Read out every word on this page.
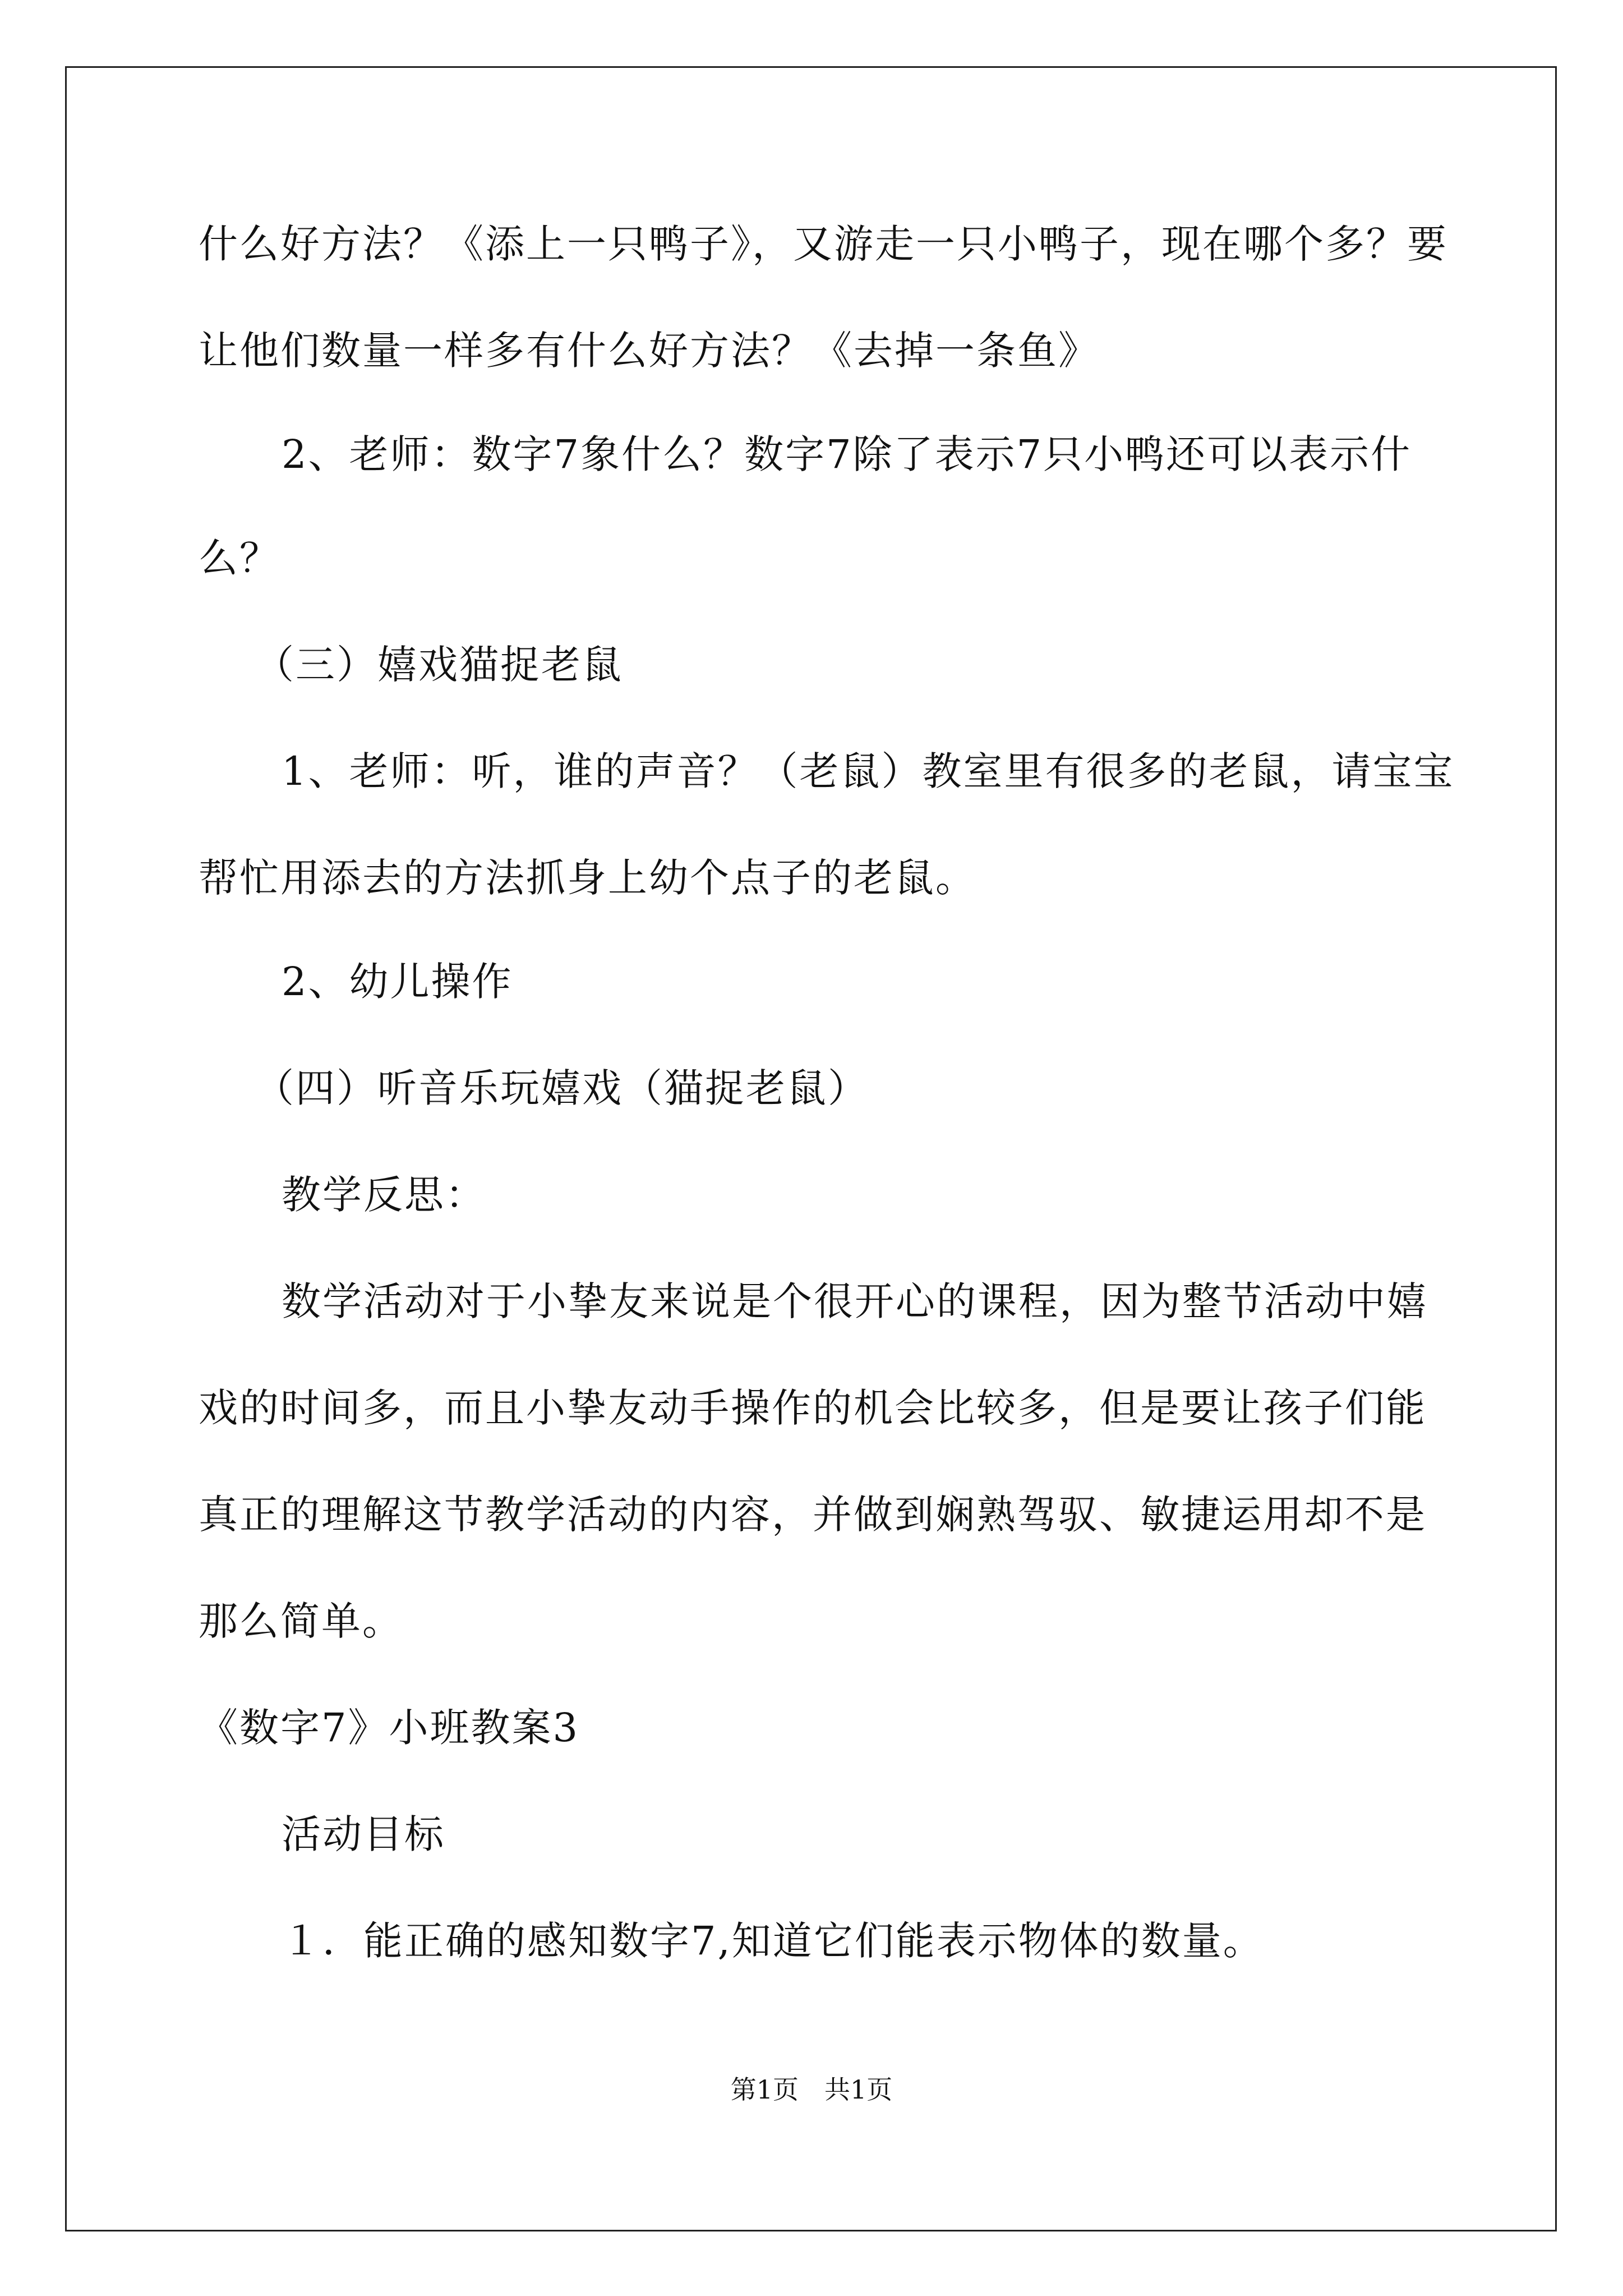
什么好方法？《添上一只鸭子》，又游走一只小鸭子，现在哪个多？要
让他们数量一样多有什么好方法？《去掉一条鱼》
2、老师：数字7象什么？数字7除了表示7只小鸭还可以表示什
么？
（三）嬉戏猫捉老鼠
1、老师：听，谁的声音？（老鼠）教室里有很多的老鼠，请宝宝
帮忙用添去的方法抓身上幼个点子的老鼠。
2、幼儿操作
（四）听音乐玩嬉戏（猫捉老鼠）
教学反思：
数学活动对于小挚友来说是个很开心的课程，因为整节活动中嬉
戏的时间多，而且小挚友动手操作的机会比较多，但是要让孩子们能
真正的理解这节教学活动的内容，并做到娴熟驾驭、敏捷运用却不是
那么简单。
《数字7》小班教案3
活动目标
１．能正确的感知数字7,知道它们能表示物体的数量。
第1页　共1页
